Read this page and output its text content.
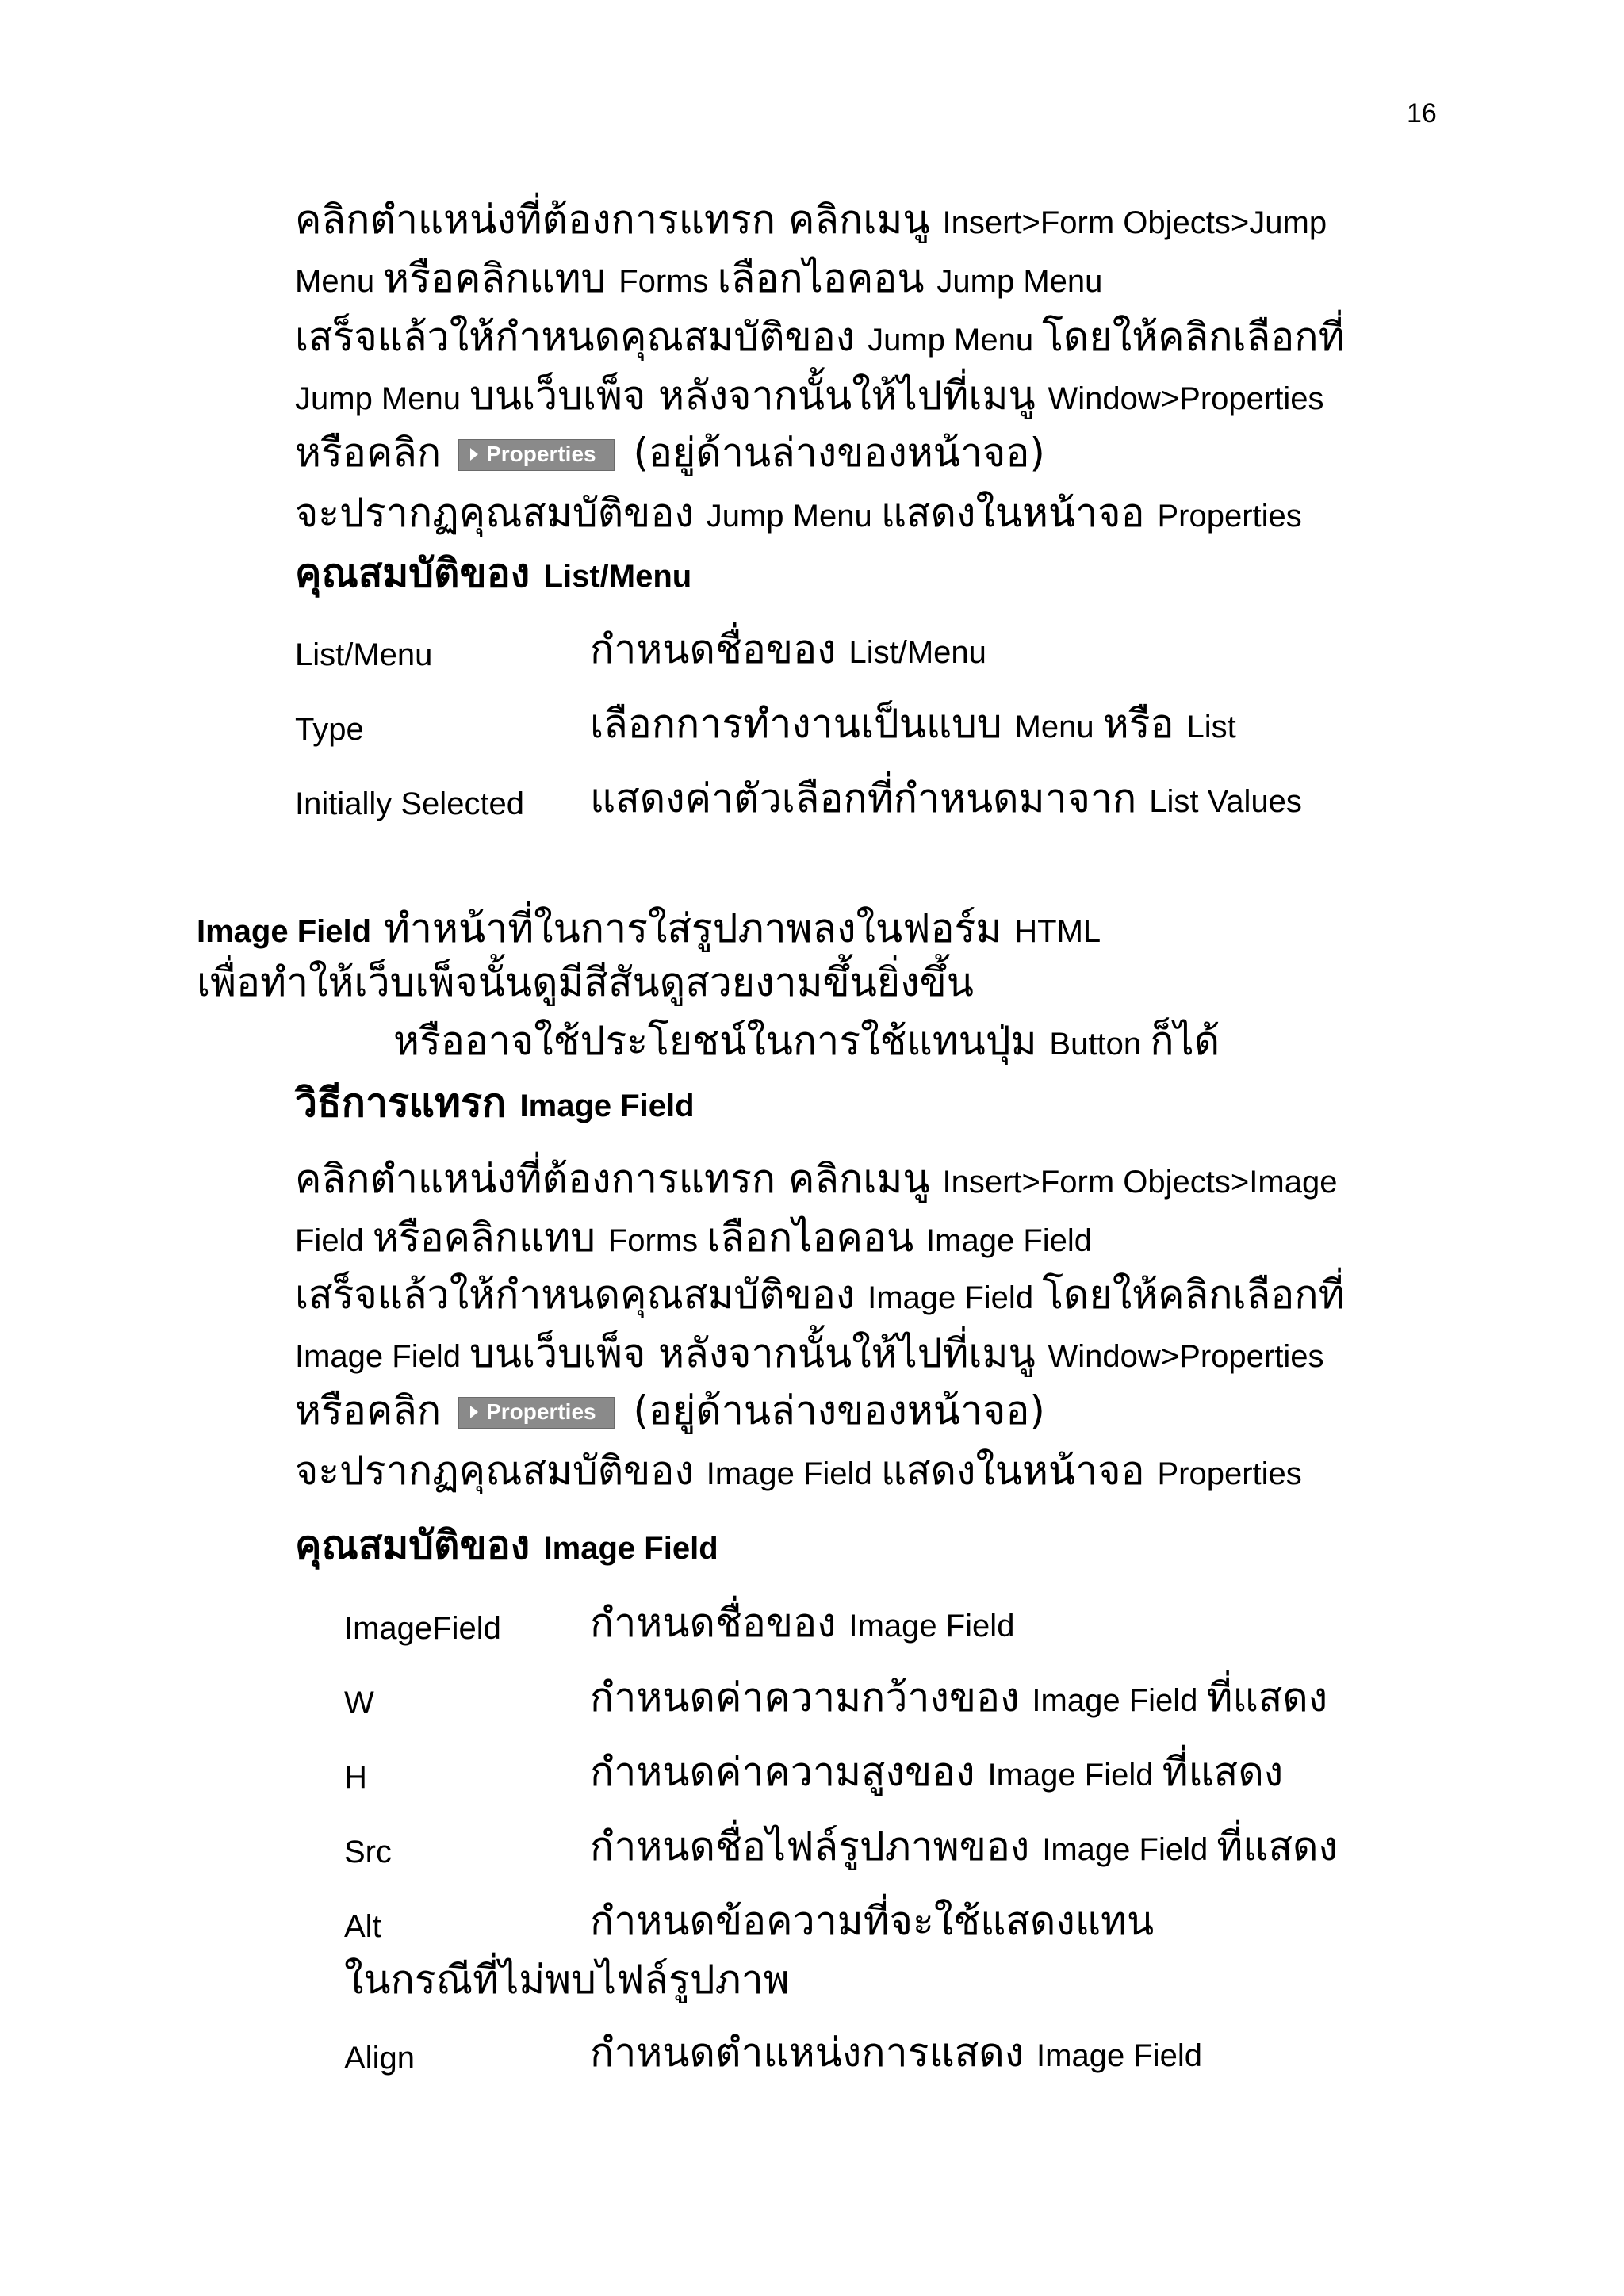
16
คลิกตำแหน่งที่ต้องการแทรก คลิกเมนู Insert>Form Objects>Jump
Menu หรือคลิกแทบ Forms เลือกไอคอน Jump Menu
เสร็จแล้วให้กำหนดคุณสมบัติของ Jump Menu โดยให้คลิกเลือกที่
Jump Menu บนเว็บเพ็จ หลังจากนั้นให้ไปที่เมนู Window>Properties
หรือคลิก Properties (อยู่ด้านล่างของหน้าจอ)
จะปรากฏคุณสมบัติของ Jump Menu แสดงในหน้าจอ Properties
คุณสมบัติของ List/Menu
List/Menu	กำหนดชื่อของ List/Menu
Type	เลือกการทำงานเป็นแบบ Menu หรือ List
Initially Selected แสดงค่าตัวเลือกที่กำหนดมาจาก List Values
Image Field ทำหน้าที่ในการใส่รูปภาพลงในฟอร์ม HTML
เพื่อทำให้เว็บเพ็จนั้นดูมีสีสันดูสวยงามขึ้นยิ่งขึ้น
หรืออาจใช้ประโยชน์ในการใช้แทนปุ่ม Button ก็ได้
วิธีการแทรก Image Field
คลิกตำแหน่งที่ต้องการแทรก คลิกเมนู Insert>Form Objects>Image
Field หรือคลิกแทบ Forms เลือกไอคอน Image Field
เสร็จแล้วให้กำหนดคุณสมบัติของ Image Field โดยให้คลิกเลือกที่
Image Field บนเว็บเพ็จ หลังจากนั้นให้ไปที่เมนู Window>Properties
หรือคลิก Properties (อยู่ด้านล่างของหน้าจอ)
จะปรากฏคุณสมบัติของ Image Field แสดงในหน้าจอ Properties
คุณสมบัติของ Image Field
ImageField กำหนดชื่อของ Image Field
W	กำหนดค่าความกว้างของ Image Field ที่แสดง
H	กำหนดค่าความสูงของ Image Field ที่แสดง
Src	กำหนดชื่อไฟล์รูปภาพของ Image Field ที่แสดง
Alt	กำหนดข้อความที่จะใช้แสดงแทน
ในกรณีที่ไม่พบไฟล์รูปภาพ
Align	กำหนดตำแหน่งการแสดง Image Field
